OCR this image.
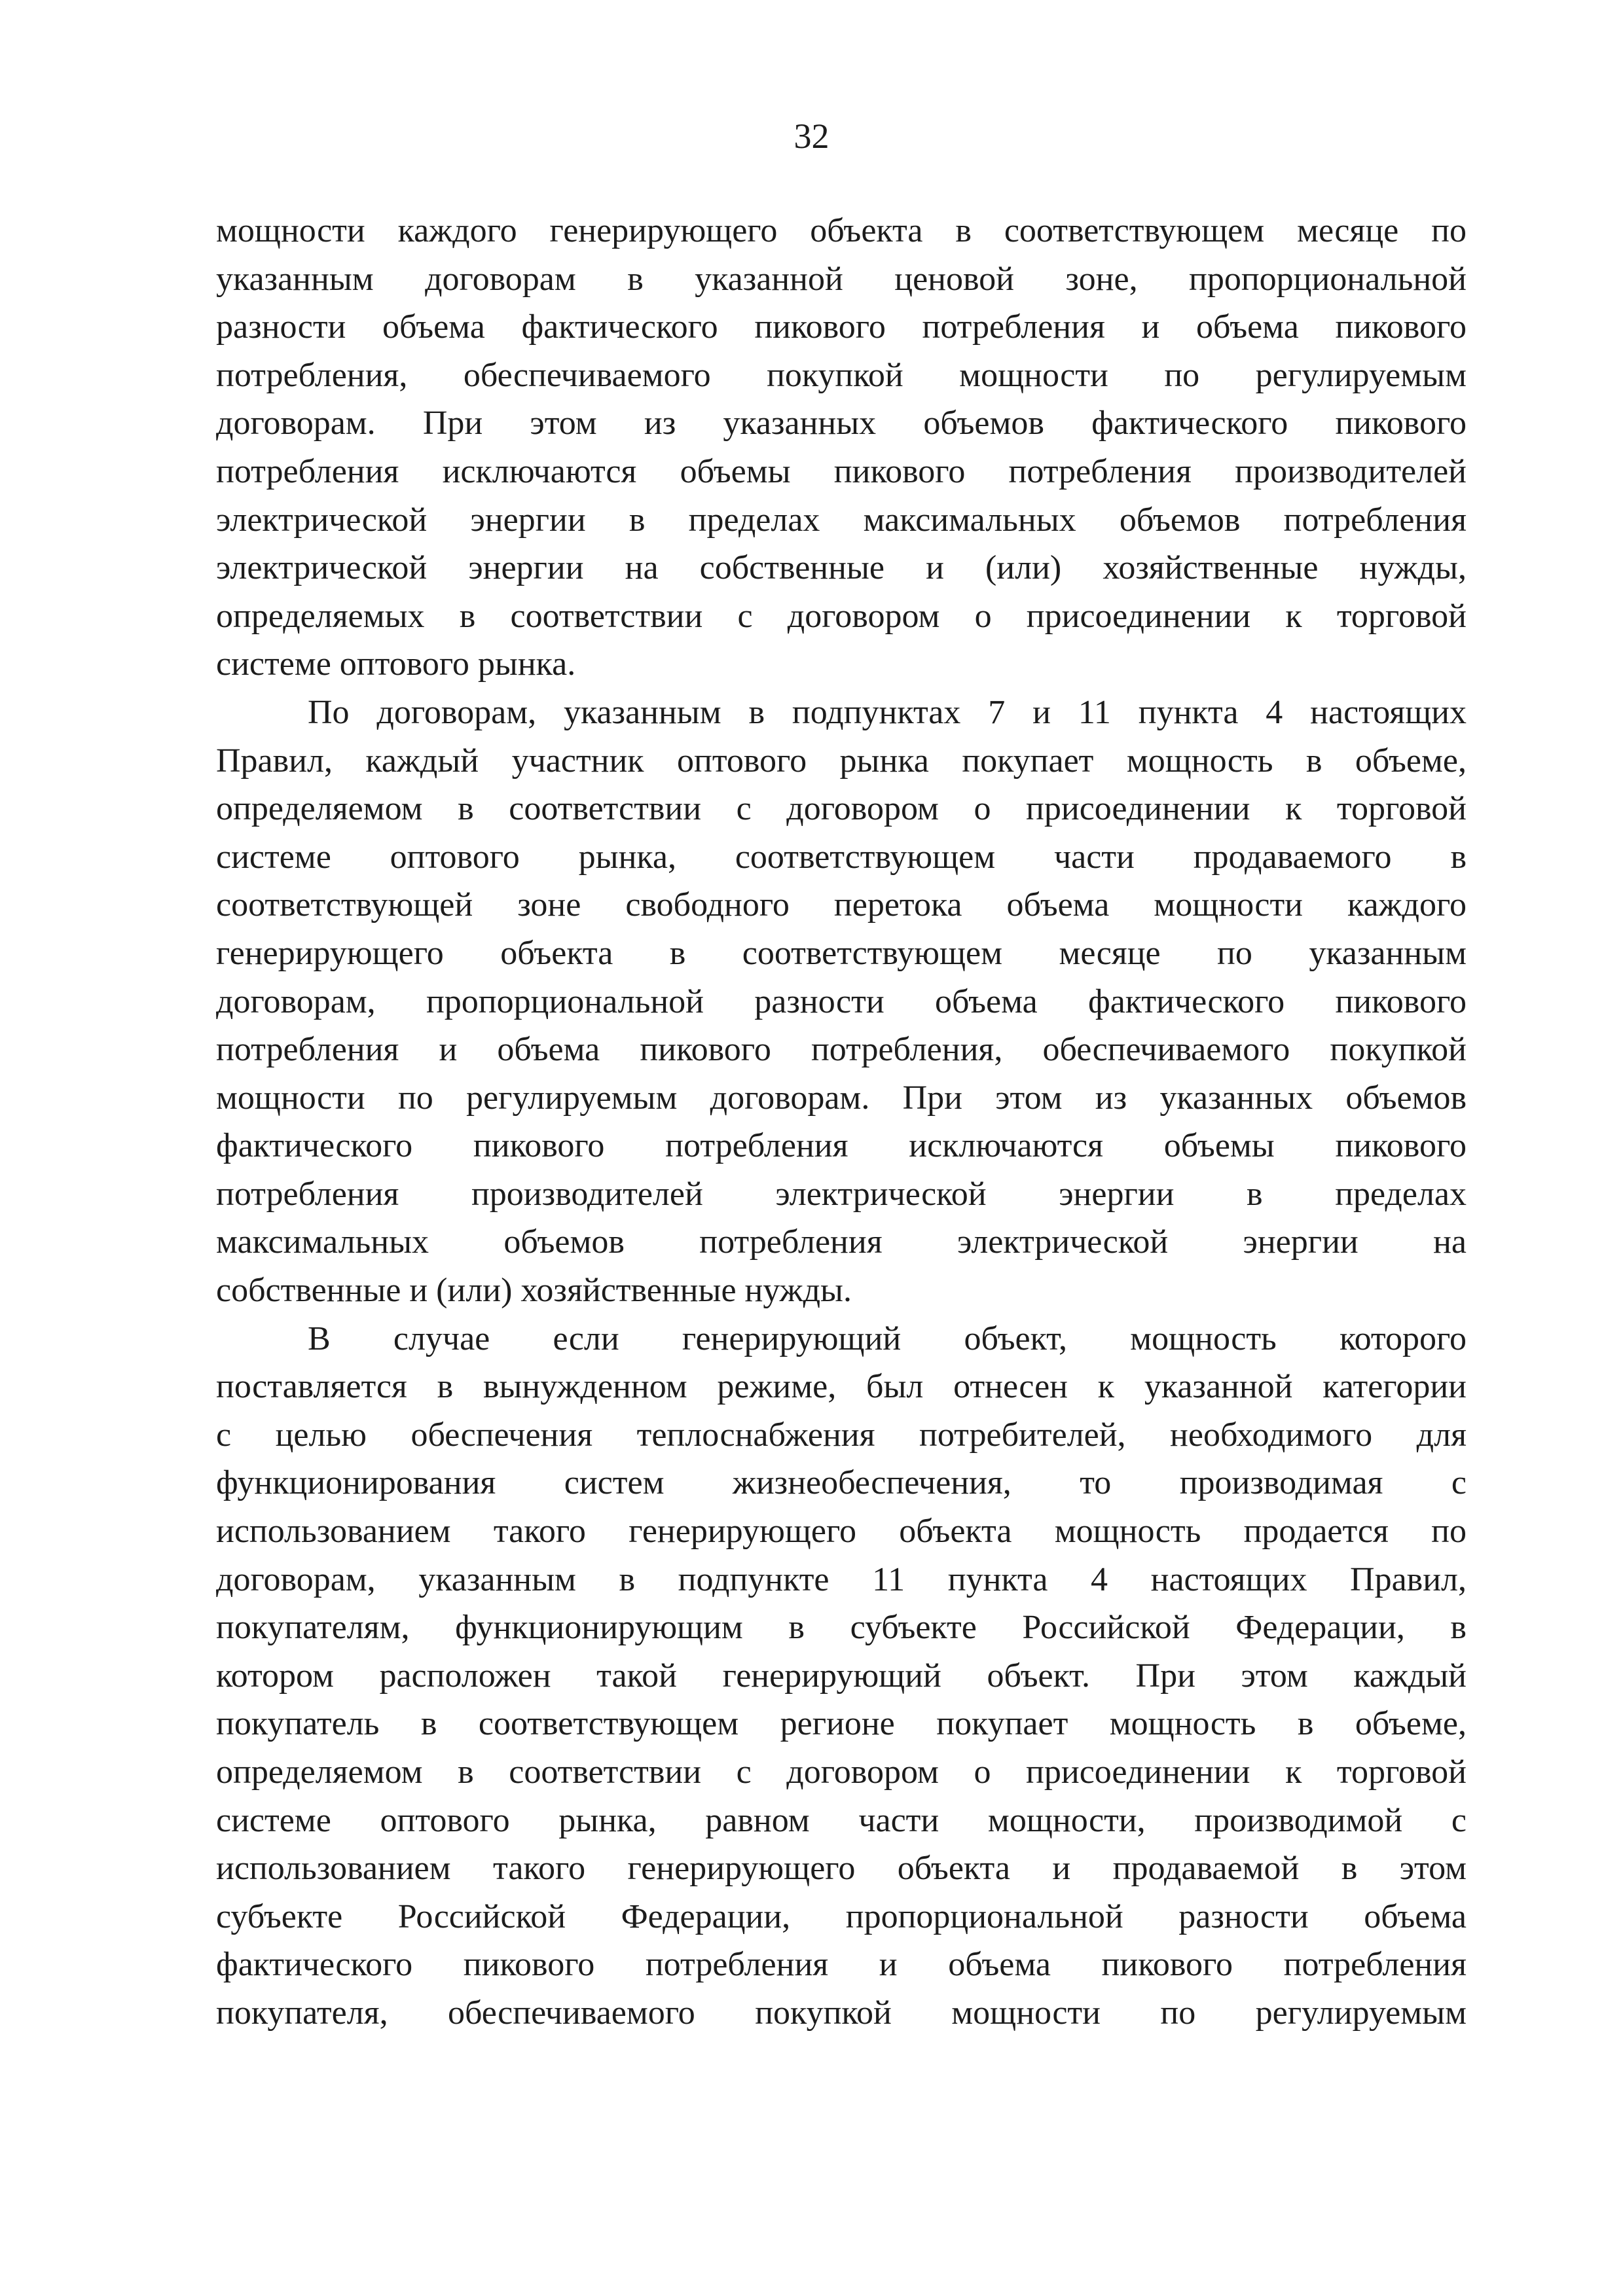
32
мощности каждого генерирующего объекта в соответствующем месяце по
указанным договорам в указанной ценовой зоне, пропорциональной
разности объема фактического пикового потребления и объема пикового
потребления, обеспечиваемого покупкой мощности по регулируемым
договорам. При этом из указанных объемов фактического пикового
потребления исключаются объемы пикового потребления производителей
электрической энергии в пределах максимальных объемов потребления
электрической энергии на собственные и (или) хозяйственные нужды,
определяемых в соответствии с договором о присоединении к торговой
системе оптового рынка.
По договорам, указанным в подпунктах 7 и 11 пункта 4 настоящих
Правил, каждый участник оптового рынка покупает мощность в объеме,
определяемом в соответствии с договором о присоединении к торговой
системе оптового рынка, соответствующем части продаваемого в
соответствующей зоне свободного перетока объема мощности каждого
генерирующего объекта в соответствующем месяце по указанным
договорам, пропорциональной разности объема фактического пикового
потребления и объема пикового потребления, обеспечиваемого покупкой
мощности по регулируемым договорам. При этом из указанных объемов
фактического пикового потребления исключаются объемы пикового
потребления производителей электрической энергии в пределах
максимальных объемов потребления электрической энергии на
собственные и (или) хозяйственные нужды.
В случае если генерирующий объект, мощность которого
поставляется в вынужденном режиме, был отнесен к указанной категории
с целью обеспечения теплоснабжения потребителей, необходимого для
функционирования систем жизнеобеспечения, то производимая с
использованием такого генерирующего объекта мощность продается по
договорам, указанным в подпункте 11 пункта 4 настоящих Правил,
покупателям, функционирующим в субъекте Российской Федерации, в
котором расположен такой генерирующий объект. При этом каждый
покупатель в соответствующем регионе покупает мощность в объеме,
определяемом в соответствии с договором о присоединении к торговой
системе оптового рынка, равном части мощности, производимой с
использованием такого генерирующего объекта и продаваемой в этом
субъекте Российской Федерации, пропорциональной разности объема
фактического пикового потребления и объема пикового потребления
покупателя, обеспечиваемого покупкой мощности по регулируемым
